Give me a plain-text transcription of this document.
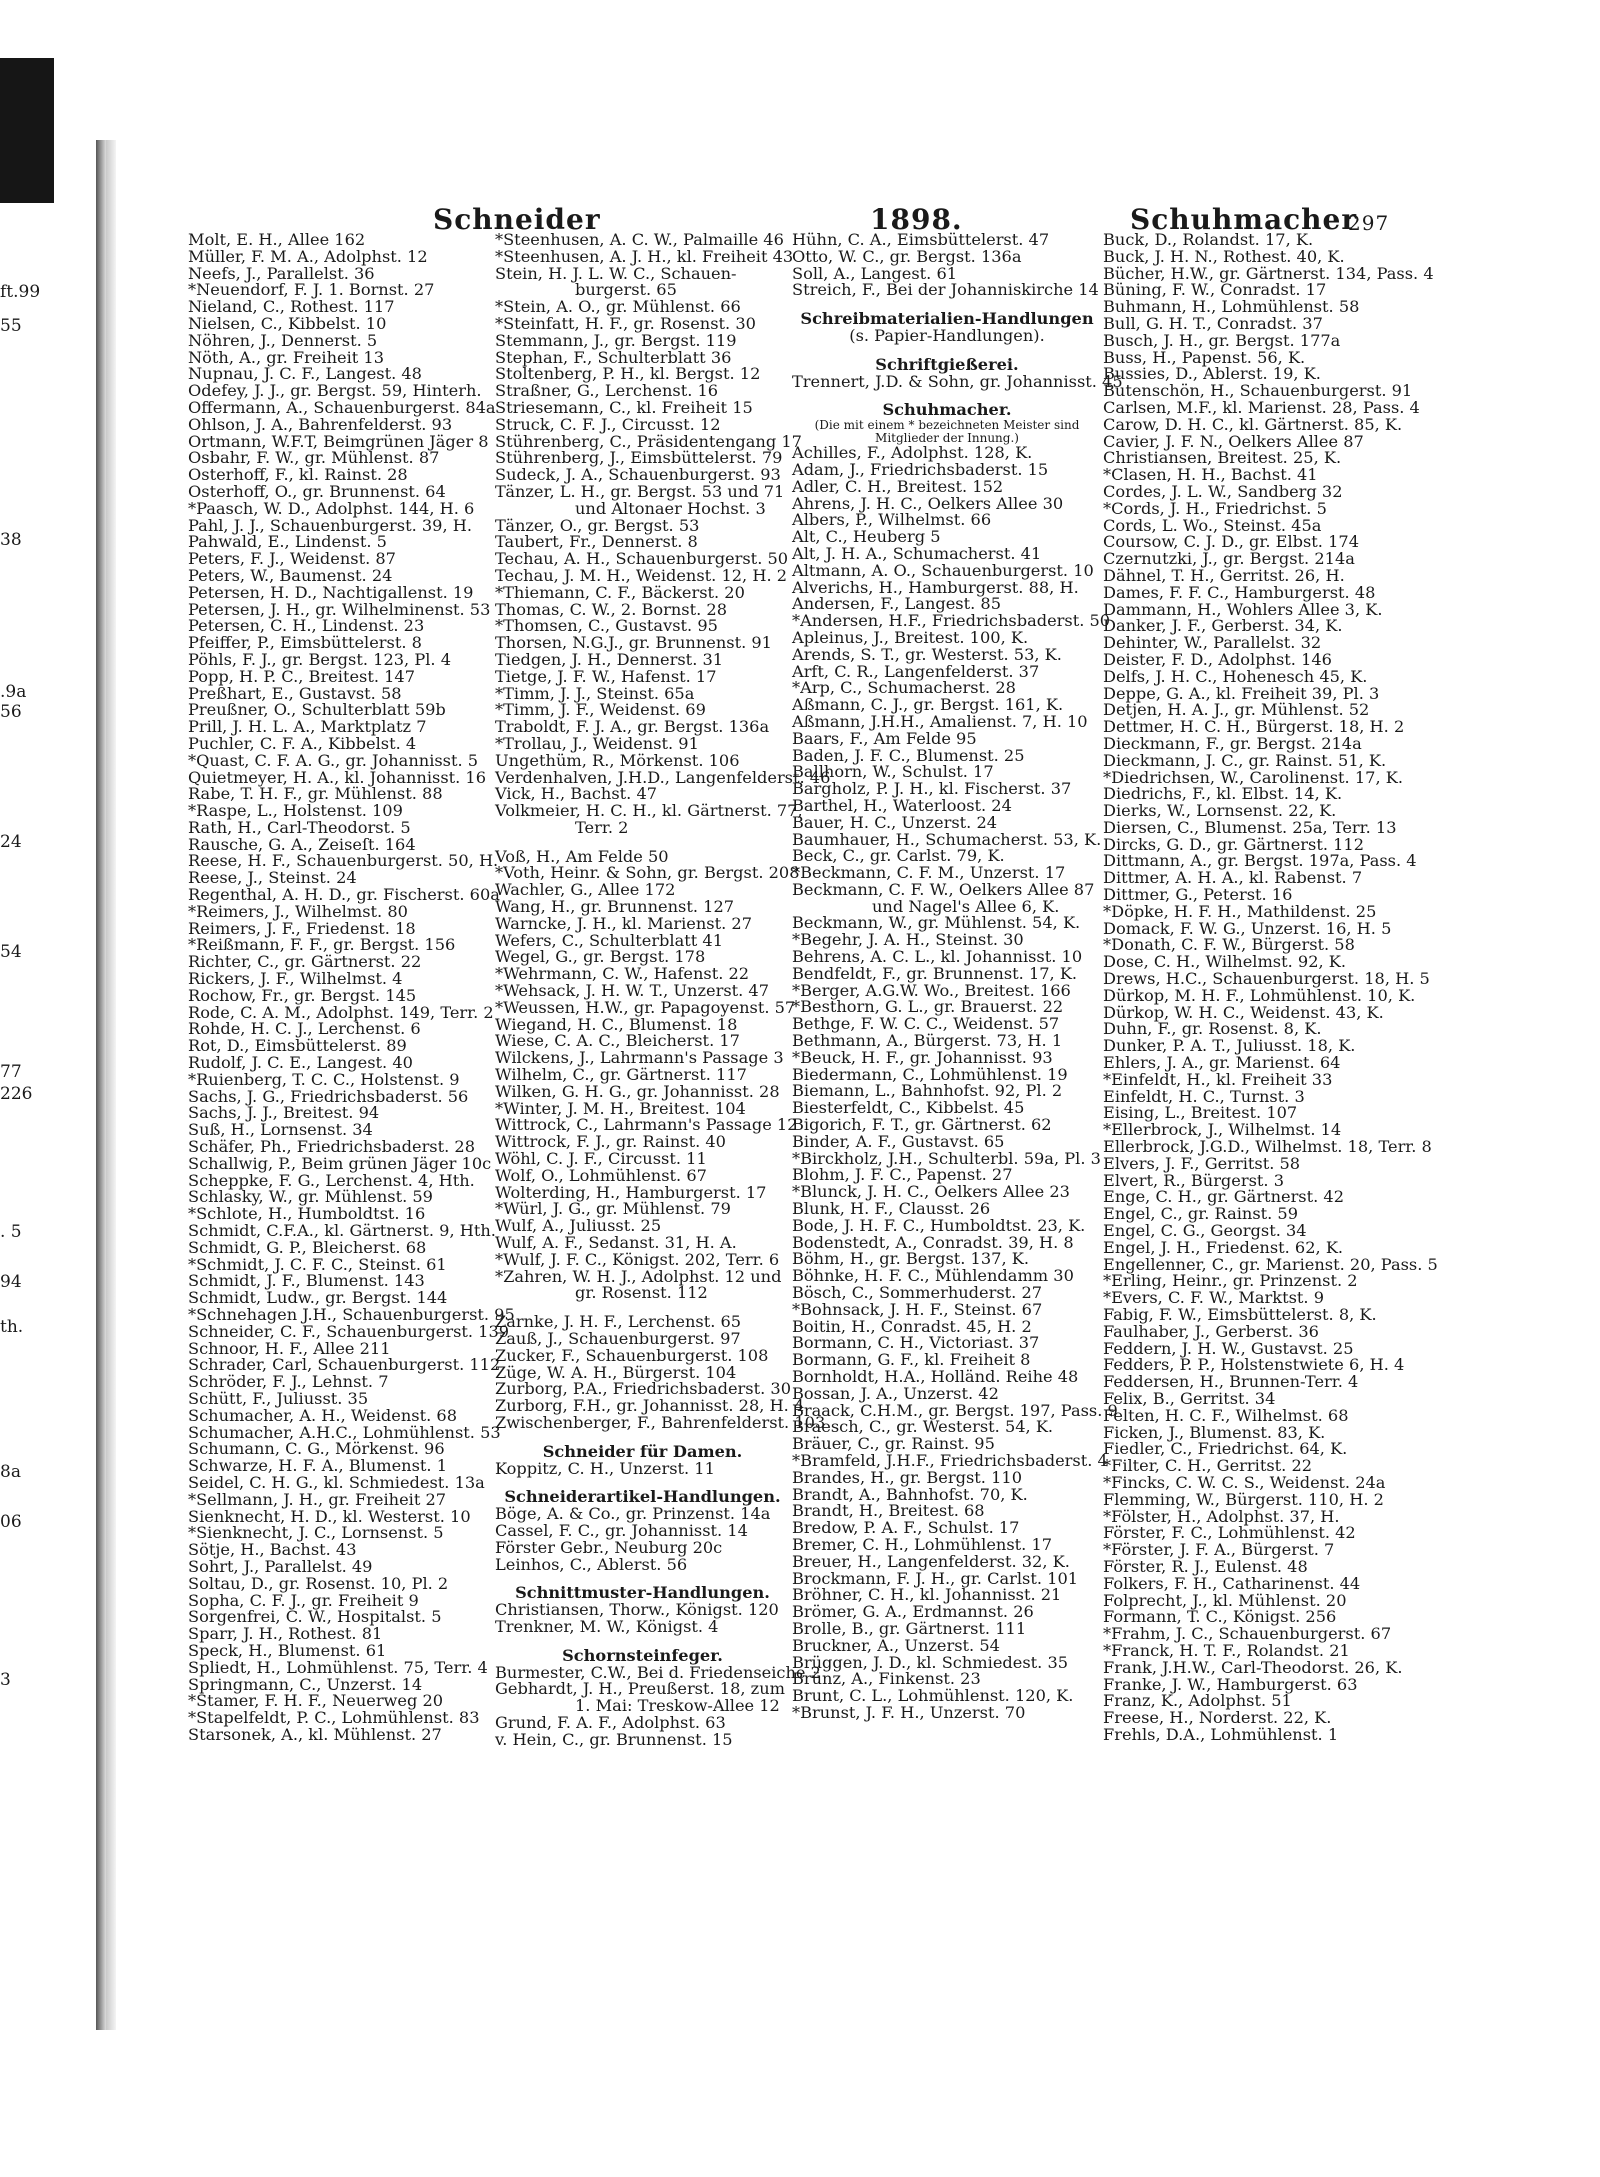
ft.99
55
38
.9a
56
24
54
77
226
. 5
94
th.
8a
06
3
Schneider	1898.	Schuhmacher
297
Molt, E. H., Allee 162
Müller, F. M. A., Adolphst. 12
Neefs, J., Parallelst. 36
*Neuendorf, F. J. 1. Bornst. 27
Nieland, C., Rothest. 117
Nielsen, C., Kibbelst. 10
Nöhren, J., Dennerst. 5
Nöth, A., gr. Freiheit 13
Nupnau, J. C. F., Langest. 48
Odefey, J. J., gr. Bergst. 59, Hinterh.
Offermann, A., Schauenburgerst. 84a
Ohlson, J. A., Bahrenfelderst. 93
Ortmann, W.F.T, Beimgrünen Jäger 8
Osbahr, F. W., gr. Mühlenst. 87
Osterhoff, F., kl. Rainst. 28
Osterhoff, O., gr. Brunnenst. 64
*Paasch, W. D., Adolphst. 144, H. 6
Pahl, J. J., Schauenburgerst. 39, H.
Pahwald, E., Lindenst. 5
Peters, F. J., Weidenst. 87
Peters, W., Baumenst. 24
Petersen, H. D., Nachtigallenst. 19
Petersen, J. H., gr. Wilhelminenst. 53
Petersen, C. H., Lindenst. 23
Pfeiffer, P., Eimsbüttelerst. 8
Pöhls, F. J., gr. Bergst. 123, Pl. 4
Popp, H. P. C., Breitest. 147
Preßhart, E., Gustavst. 58
Preußner, O., Schulterblatt 59b
Prill, J. H. L. A., Marktplatz 7
Puchler, C. F. A., Kibbelst. 4
*Quast, C. F. A. G., gr. Johannisst. 5
Quietmeyer, H. A., kl. Johannisst. 16
Rabe, T. H. F., gr. Mühlenst. 88
*Raspe, L., Holstenst. 109
Rath, H., Carl-Theodorst. 5
Rausche, G. A., Zeiseſt. 164
Reese, H. F., Schauenburgerst. 50, H.
Reese, J., Steinst. 24
Regenthal, A. H. D., gr. Fischerst. 60a
*Reimers, J., Wilhelmst. 80
Reimers, J. F., Friedenst. 18
*Reißmann, F. F., gr. Bergst. 156
Richter, C., gr. Gärtnerst. 22
Rickers, J. F., Wilhelmst. 4
Rochow, Fr., gr. Bergst. 145
Rode, C. A. M., Adolphst. 149, Terr. 2
Rohde, H. C. J., Lerchenst. 6
Rot, D., Eimsbüttelerst. 89
Rudolf, J. C. E., Langest. 40
*Ruienberg, T. C. C., Holstenst. 9
Sachs, J. G., Friedrichsbaderst. 56
Sachs, J. J., Breitest. 94
Suß, H., Lornsenst. 34
Schäfer, Ph., Friedrichsbaderst. 28
Schallwig, P., Beim grünen Jäger 10c
Scheppke, F. G., Lerchenst. 4, Hth.
Schlasky, W., gr. Mühlenst. 59
*Schlote, H., Humboldtst. 16
Schmidt, C.F.A., kl. Gärtnerst. 9, Hth.
Schmidt, G. P., Bleicherst. 68
*Schmidt, J. C. F. C., Steinst. 61
Schmidt, J. F., Blumenst. 143
Schmidt, Ludw., gr. Bergst. 144
*Schnehagen J.H., Schauenburgerst. 95
Schneider, C. F., Schauenburgerst. 139
Schnoor, H. F., Allee 211
Schrader, Carl, Schauenburgerst. 112
Schröder, F. J., Lehnst. 7
Schütt, F., Juliusst. 35
Schumacher, A. H., Weidenst. 68
Schumacher, A.H.C., Lohmühlenst. 53
Schumann, C. G., Mörkenst. 96
Schwarze, H. F. A., Blumenst. 1
Seidel, C. H. G., kl. Schmiedest. 13a
*Sellmann, J. H., gr. Freiheit 27
Sienknecht, H. D., kl. Westerst. 10
*Sienknecht, J. C., Lornsenst. 5
Sötje, H., Bachst. 43
Sohrt, J., Parallelst. 49
Soltau, D., gr. Rosenst. 10, Pl. 2
Sopha, C. F. J., gr. Freiheit 9
Sorgenfrei, C. W., Hospitalst. 5
Sparr, J. H., Rothest. 81
Speck, H., Blumenst. 61
Spliedt, H., Lohmühlenst. 75, Terr. 4
Springmann, C., Unzerst. 14
*Stamer, F. H. F., Neuerweg 20
*Stapelfeldt, P. C., Lohmühlenst. 83
Starsonek, A., kl. Mühlenst. 27
*Steenhusen, A. C. W., Palmaille 46
*Steenhusen, A. J. H., kl. Freiheit 43
Stein, H. J. L. W. C., Schauen-
burgerst. 65
*Stein, A. O., gr. Mühlenst. 66
*Steinfatt, H. F., gr. Rosenst. 30
Stemmann, J., gr. Bergst. 119
Stephan, F., Schulterblatt 36
Stoltenberg, P. H., kl. Bergst. 12
Straßner, G., Lerchenst. 16
Striesemann, C., kl. Freiheit 15
Struck, C. F. J., Circusst. 12
Stührenberg, C., Präsidentengang 17
Stührenberg, J., Eimsbüttelerst. 79
Sudeck, J. A., Schauenburgerst. 93
Tänzer, L. H., gr. Bergst. 53 und 71
und Altonaer Hochst. 3
Tänzer, O., gr. Bergst. 53
Taubert, Fr., Dennerst. 8
Techau, A. H., Schauenburgerst. 50
Techau, J. M. H., Weidenst. 12, H. 2
*Thiemann, C. F., Bäckerst. 20
Thomas, C. W., 2. Bornst. 28
*Thomsen, C., Gustavst. 95
Thorsen, N.G.J., gr. Brunnenst. 91
Tiedgen, J. H., Dennerst. 31
Tietge, J. F. W., Hafenst. 17
*Timm, J. J., Steinst. 65a
*Timm, J. F., Weidenst. 69
Traboldt, F. J. A., gr. Bergst. 136a
*Trollau, J., Weidenst. 91
Ungethüm, R., Mörkenst. 106
Verdenhalven, J.H.D., Langenfelderst. 46
Vick, H., Bachst. 47
Volkmeier, H. C. H., kl. Gärtnerst. 77,
Terr. 2
Voß, H., Am Felde 50
*Voth, Heinr. & Sohn, gr. Bergst. 208
Wachler, G., Allee 172
Wang, H., gr. Brunnenst. 127
Warncke, J. H., kl. Marienst. 27
Wefers, C., Schulterblatt 41
Wegel, G., gr. Bergst. 178
*Wehrmann, C. W., Hafenst. 22
*Wehsack, J. H. W. T., Unzerst. 47
*Weussen, H.W., gr. Papagoyenst. 57
Wiegand, H. C., Blumenst. 18
Wiese, C. A. C., Bleicherst. 17
Wilckens, J., Lahrmann's Passage 3
Wilhelm, C., gr. Gärtnerst. 117
Wilken, G. H. G., gr. Johannisst. 28
*Winter, J. M. H., Breitest. 104
Wittrock, C., Lahrmann's Passage 12
Wittrock, F. J., gr. Rainst. 40
Wöhl, C. J. F., Circusst. 11
Wolf, O., Lohmühlenst. 67
Wolterding, H., Hamburgerst. 17
*Würl, J. G., gr. Mühlenst. 79
Wulf, A., Juliusst. 25
Wulf, A. F., Sedanst. 31, H. A.
*Wulf, J. F. C., Königst. 202, Terr. 6
*Zahren, W. H. J., Adolphst. 12 und
gr. Rosenst. 112
Zarnke, J. H. F., Lerchenst. 65
Zauß, J., Schauenburgerst. 97
Zucker, F., Schauenburgerst. 108
Züge, W. A. H., Bürgerst. 104
Zurborg, P.A., Friedrichsbaderst. 30
Zurborg, F.H., gr. Johannisst. 28, H. 4
Zwischenberger, F., Bahrenfelderst. 103
Schneider für Damen.
Koppitz, C. H., Unzerst. 11
Schneiderartikel-Handlungen.
Böge, A. & Co., gr. Prinzenst. 14a
Cassel, F. C., gr. Johannisst. 14
Förster Gebr., Neuburg 20c
Leinhos, C., Ablerst. 56
Schnittmuster-Handlungen.
Christiansen, Thorw., Königst. 120
Trenkner, M. W., Königst. 4
Schornsteinfeger.
Burmester, C.W., Bei d. Friedenseiche 2
Gebhardt, J. H., Preußerst. 18, zum
1. Mai: Treskow-Allee 12
Grund, F. A. F., Adolphst. 63
v. Hein, C., gr. Brunnenst. 15
Hühn, C. A., Eimsbüttelerst. 47
Otto, W. C., gr. Bergst. 136a
Soll, A., Langest. 61
Streich, F., Bei der Johanniskirche 14
Schreibmaterialien-Handlungen
(s. Papier-Handlungen).
Schriftgießerei.
Trennert, J.D. & Sohn, gr. Johannisst. 45
Schuhmacher.
(Die mit einem * bezeichneten Meister sind
Mitglieder der Innung.)
Achilles, F., Adolphst. 128, K.
Adam, J., Friedrichsbaderst. 15
Adler, C. H., Breitest. 152
Ahrens, J. H. C., Oelkers Allee 30
Albers, P., Wilhelmst. 66
Alt, C., Heuberg 5
Alt, J. H. A., Schumacherst. 41
Altmann, A. O., Schauenburgerst. 10
Alverichs, H., Hamburgerst. 88, H.
Andersen, F., Langest. 85
*Andersen, H.F., Friedrichsbaderst. 50
Apleinus, J., Breitest. 100, K.
Arends, S. T., gr. Westerst. 53, K.
Arft, C. R., Langenfelderst. 37
*Arp, C., Schumacherst. 28
Aßmann, C. J., gr. Bergst. 161, K.
Aßmann, J.H.H., Amalienst. 7, H. 10
Baars, F., Am Felde 95
Baden, J. F. C., Blumenst. 25
Ballhorn, W., Schulst. 17
Bargholz, P. J. H., kl. Fischerst. 37
Barthel, H., Waterloost. 24
Bauer, H. C., Unzerst. 24
Baumhauer, H., Schumacherst. 53, K.
Beck, C., gr. Carlst. 79, K.
*Beckmann, C. F. M., Unzerst. 17
Beckmann, C. F. W., Oelkers Allee 87
und Nagel's Allee 6, K.
Beckmann, W., gr. Mühlenst. 54, K.
*Begehr, J. A. H., Steinst. 30
Behrens, A. C. L., kl. Johannisst. 10
Bendfeldt, F., gr. Brunnenst. 17, K.
*Berger, A.G.W. Wo., Breitest. 166
*Besthorn, G. L., gr. Brauerst. 22
Bethge, F. W. C. C., Weidenst. 57
Bethmann, A., Bürgerst. 73, H. 1
*Beuck, H. F., gr. Johannisst. 93
Biedermann, C., Lohmühlenst. 19
Biemann, L., Bahnhofst. 92, Pl. 2
Biesterfeldt, C., Kibbelst. 45
Bigorich, F. T., gr. Gärtnerst. 62
Binder, A. F., Gustavst. 65
*Birckholz, J.H., Schulterbl. 59a, Pl. 3
Blohm, J. F. C., Papenst. 27
*Blunck, J. H. C., Oelkers Allee 23
Blunk, H. F., Clausst. 26
Bode, J. H. F. C., Humboldtst. 23, K.
Bodenstedt, A., Conradst. 39, H. 8
Böhm, H., gr. Bergst. 137, K.
Böhnke, H. F. C., Mühlendamm 30
Bösch, C., Sommerhuderst. 27
*Bohnsack, J. H. F., Steinst. 67
Boitin, H., Conradst. 45, H. 2
Bormann, C. H., Victoriast. 37
Bormann, G. F., kl. Freiheit 8
Bornholdt, H.A., Holländ. Reihe 48
Bossan, J. A., Unzerst. 42
Braack, C.H.M., gr. Bergst. 197, Pass. 9
Braesch, C., gr. Westerst. 54, K.
Bräuer, C., gr. Rainst. 95
*Bramfeld, J.H.F., Friedrichsbaderst. 4
Brandes, H., gr. Bergst. 110
Brandt, A., Bahnhofst. 70, K.
Brandt, H., Breitest. 68
Bredow, P. A. F., Schulst. 17
Bremer, C. H., Lohmühlenst. 17
Breuer, H., Langenfelderst. 32, K.
Brockmann, F. J. H., gr. Carlst. 101
Bröhner, C. H., kl. Johannisst. 21
Brömer, G. A., Erdmannst. 26
Brolle, B., gr. Gärtnerst. 111
Bruckner, A., Unzerst. 54
Brüggen, J. D., kl. Schmiedest. 35
Brünz, A., Finkenst. 23
Brunt, C. L., Lohmühlenst. 120, K.
*Brunst, J. F. H., Unzerst. 70
Buck, D., Rolandst. 17, K.
Buck, J. H. N., Rothest. 40, K.
Bücher, H.W., gr. Gärtnerst. 134, Pass. 4
Büning, F. W., Conradst. 17
Buhmann, H., Lohmühlenst. 58
Bull, G. H. T., Conradst. 37
Busch, J. H., gr. Bergst. 177a
Buss, H., Papenst. 56, K.
Bussies, D., Ablerst. 19, K.
Butenschön, H., Schauenburgerst. 91
Carlsen, M.F., kl. Marienst. 28, Pass. 4
Carow, D. H. C., kl. Gärtnerst. 85, K.
Cavier, J. F. N., Oelkers Allee 87
Christiansen, Breitest. 25, K.
*Clasen, H. H., Bachst. 41
Cordes, J. L. W., Sandberg 32
*Cords, J. H., Friedrichst. 5
Cords, L. Wo., Steinst. 45a
Coursow, C. J. D., gr. Elbst. 174
Czernutzki, J., gr. Bergst. 214a
Dähnel, T. H., Gerritst. 26, H.
Dames, F. F. C., Hamburgerst. 48
Dammann, H., Wohlers Allee 3, K.
Danker, J. F., Gerberst. 34, K.
Dehinter, W., Parallelst. 32
Deister, F. D., Adolphst. 146
Delfs, J. H. C., Hohenesch 45, K.
Deppe, G. A., kl. Freiheit 39, Pl. 3
Detjen, H. A. J., gr. Mühlenst. 52
Dettmer, H. C. H., Bürgerst. 18, H. 2
Dieckmann, F., gr. Bergst. 214a
Dieckmann, J. C., gr. Rainst. 51, K.
*Diedrichsen, W., Carolinenst. 17, K.
Diedrichs, F., kl. Elbst. 14, K.
Dierks, W., Lornsenst. 22, K.
Diersen, C., Blumenst. 25a, Terr. 13
Dircks, G. D., gr. Gärtnerst. 112
Dittmann, A., gr. Bergst. 197a, Pass. 4
Dittmer, A. H. A., kl. Rabenst. 7
Dittmer, G., Peterst. 16
*Döpke, H. F. H., Mathildenst. 25
Domack, F. W. G., Unzerst. 16, H. 5
*Donath, C. F. W., Bürgerst. 58
Dose, C. H., Wilhelmst. 92, K.
Drews, H.C., Schauenburgerst. 18, H. 5
Dürkop, M. H. F., Lohmühlenst. 10, K.
Dürkop, W. H. C., Weidenst. 43, K.
Duhn, F., gr. Rosenst. 8, K.
Dunker, P. A. T., Juliusst. 18, K.
Ehlers, J. A., gr. Marienst. 64
*Einfeldt, H., kl. Freiheit 33
Einfeldt, H. C., Turnst. 3
Eising, L., Breitest. 107
*Ellerbrock, J., Wilhelmst. 14
Ellerbrock, J.G.D., Wilhelmst. 18, Terr. 8
Elvers, J. F., Gerritst. 58
Elvert, R., Bürgerst. 3
Enge, C. H., gr. Gärtnerst. 42
Engel, C., gr. Rainst. 59
Engel, C. G., Georgst. 34
Engel, J. H., Friedenst. 62, K.
Engellenner, C., gr. Marienst. 20, Pass. 5
*Erling, Heinr., gr. Prinzenst. 2
*Evers, C. F. W., Marktst. 9
Fabig, F. W., Eimsbüttelerst. 8, K.
Faulhaber, J., Gerberst. 36
Feddern, J. H. W., Gustavst. 25
Fedders, P. P., Holstenstwiete 6, H. 4
Feddersen, H., Brunnen-Terr. 4
Felix, B., Gerritst. 34
Felten, H. C. F., Wilhelmst. 68
Ficken, J., Blumenst. 83, K.
Fiedler, C., Friedrichst. 64, K.
*Filter, C. H., Gerritst. 22
*Fincks, C. W. C. S., Weidenst. 24a
Flemming, W., Bürgerst. 110, H. 2
*Fölster, H., Adolphst. 37, H.
Förster, F. C., Lohmühlenst. 42
*Förster, J. F. A., Bürgerst. 7
Förster, R. J., Eulenst. 48
Folkers, F. H., Catharinenst. 44
Folprecht, J., kl. Mühlenst. 20
Formann, T. C., Königst. 256
*Frahm, J. C., Schauenburgerst. 67
*Franck, H. T. F., Rolandst. 21
Frank, J.H.W., Carl-Theodorst. 26, K.
Franke, J. W., Hamburgerst. 63
Franz, K., Adolphst. 51
Freese, H., Norderst. 22, K.
Frehls, D.A., Lohmühlenst. 1
